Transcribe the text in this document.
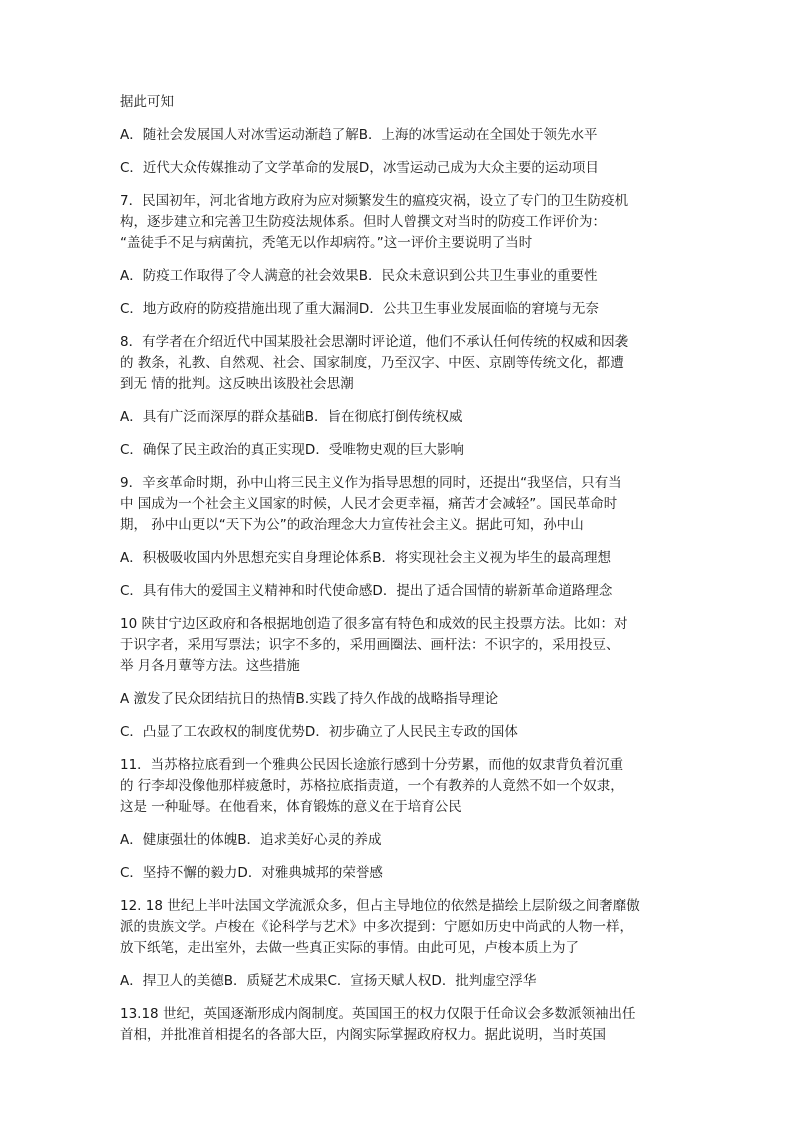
据此可知
A．随社会发展国人对冰雪运动渐趋了解B．上海的冰雪运动在全国处于领先水平
C．近代大众传媒推动了文学革命的发展D，冰雪运动己成为大众主要的运动项目
7．民国初年，河北省地方政府为应对频繁发生的瘟疫灾祸，设立了专门的卫生防疫机
构，逐步建立和完善卫生防疫法规体系。但时人曾撰文对当时的防疫工作评价为：
“盖徒手不足与病菌抗，秃笔无以作却病符。”这一评价主要说明了当时
A．防疫工作取得了令人满意的社会效果B．民众未意识到公共卫生事业的重要性
C．地方政府的防疫措施出现了重大漏洞D．公共卫生事业发展面临的窘境与无奈
8．有学者在介绍近代中国某股社会思潮时评论道，他们不承认任何传统的权威和因袭
的 教条，礼教、自然观、社会、国家制度，乃至汉字、中医、京剧等传统文化，都遭
到无 情的批判。这反映出该股社会思潮
A．具有广泛而深厚的群众基础B．旨在彻底打倒传统权威
C．确保了民主政治的真正实现D．受唯物史观的巨大影响
9．辛亥革命时期，孙中山将三民主义作为指导思想的同时，还提出“我坚信，只有当
中 国成为一个社会主义国家的时候，人民才会更幸福，痛苦才会减轻”。国民革命时
期， 孙中山更以“天下为公”的政治理念大力宣传社会主义。据此可知，孙中山
A．积极吸收国内外思想充实自身理论体系B．将实现社会主义视为毕生的最高理想
C．具有伟大的爱国主义精神和时代使命感D．提出了适合国情的崭新革命道路理念
10 陕甘宁边区政府和各根据地创造了很多富有特色和成效的民主投票方法。比如：对
于识字者，采用写票法；识字不多的，采用画圈法、画杆法：不识字的，采用投豆、
举 月各月蕈等方法。这些措施
A 激发了民众团结抗日的热情B.实践了持久作战的战略指导理论
C．凸显了工农政权的制度优势D．初步确立了人民民主专政的国体
11．当苏格拉底看到一个雅典公民因长途旅行感到十分劳累，而他的奴隶背负着沉重
的 行李却没像他那样疲惫时，苏格拉底指责道，一个有教养的人竟然不如一个奴隶，
这是 一种耻辱。在他看来，体育锻炼的意义在于培育公民
A．健康强壮的体魄B．追求美好心灵的养成
C．坚持不懈的毅力D．对雅典城邦的荣誉感
12. 18 世纪上半叶法国文学流派众多，但占主导地位的依然是描绘上层阶级之间奢靡傲
派的贵族文学。卢梭在《论科学与艺术》中多次提到：宁愿如历史中尚武的人物一样，
放下纸笔，走出室外，去做一些真正实际的事情。由此可见，卢梭本质上为了
A．捍卫人的美德B．质疑艺术成果C．宣扬天赋人权D．批判虚空浮华
13.18 世纪，英国逐渐形成内阁制度。英国国王的权力仅限于任命议会多数派领袖出任
首相，并批准首相提名的各部大臣，内阁实际掌握政府权力。据此说明，当时英国
